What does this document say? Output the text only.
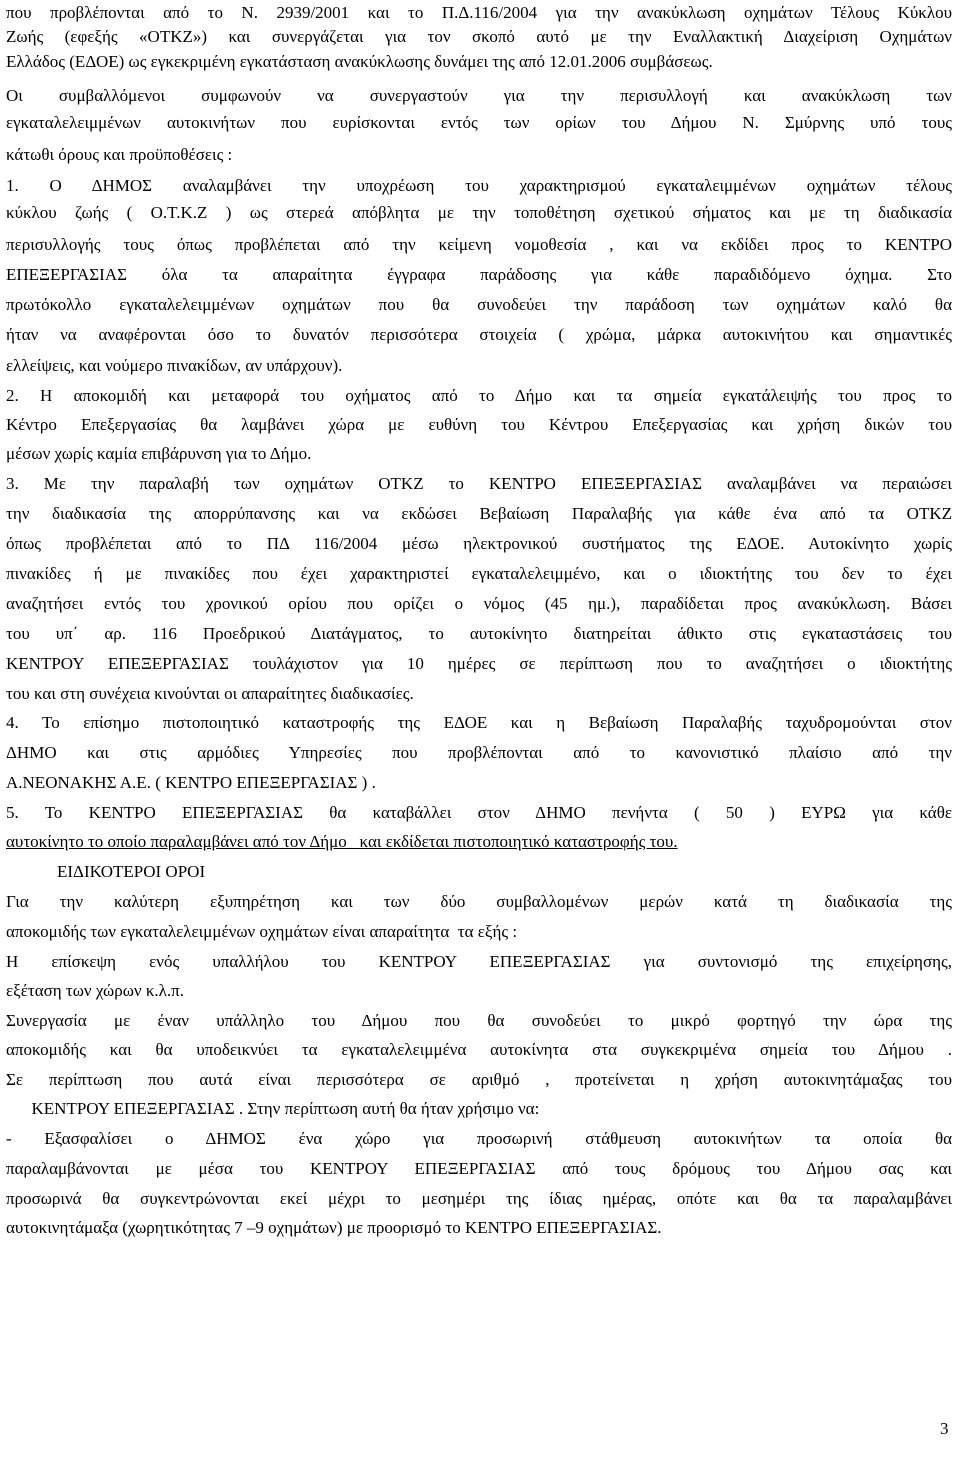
που προβλέπονται από το Ν. 2939/2001 και το Π.Δ.116/2004 για την ανακύκλωση οχημάτων Τέλους Κύκλου
Ζωής (εφεξής «ΟΤΚΖ») και συνεργάζεται για τον σκοπό αυτό με την Εναλλακτική Διαχείριση Οχημάτων
Ελλάδος (ΕΔΟΕ) ως εγκεκριμένη εγκατάσταση ανακύκλωσης δυνάμει της από 12.01.2006 συμβάσεως.
Οι συμβαλλόμενοι συμφωνούν να συνεργαστούν για την περισυλλογή και ανακύκλωση των
εγκαταλελειμμένων αυτοκινήτων που ευρίσκονται εντός των ορίων του Δήμου Ν. Σμύρνης υπό τους
κάτωθι όρους και προϋποθέσεις :
1. Ο ΔΗΜΟΣ αναλαμβάνει την υποχρέωση του χαρακτηρισμού εγκαταλειμμένων οχημάτων τέλους
κύκλου ζωής ( Ο.Τ.Κ.Ζ ) ως στερεά απόβλητα με την τοποθέτηση σχετικού σήματος και με τη διαδικασία
περισυλλογής τους όπως προβλέπεται από την κείμενη νομοθεσία , και να εκδίδει προς το ΚΕΝΤΡΟ
ΕΠΕΞΕΡΓΑΣΙΑΣ όλα τα απαραίτητα έγγραφα παράδοσης για κάθε παραδιδόμενο όχημα. Στο
πρωτόκολλο εγκαταλελειμμένων οχημάτων που θα συνοδεύει την παράδοση των οχημάτων καλό θα
ήταν να αναφέρονται όσο το δυνατόν περισσότερα στοιχεία ( χρώμα, μάρκα αυτοκινήτου και σημαντικές
ελλείψεις, και νούμερο πινακίδων, αν υπάρχουν).
2. Η αποκομιδή και μεταφορά του οχήματος από το Δήμο και τα σημεία εγκατάλειψής του προς το
Κέντρο Επεξεργασίας θα λαμβάνει χώρα με ευθύνη του Κέντρου Επεξεργασίας και χρήση δικών του
μέσων χωρίς καμία επιβάρυνση για το Δήμο.
3. Με την παραλαβή των οχημάτων ΟΤΚΖ το ΚΕΝΤΡΟ ΕΠΕΞΕΡΓΑΣΙΑΣ αναλαμβάνει να περαιώσει
την διαδικασία της απορρύπανσης και να εκδώσει Βεβαίωση Παραλαβής για κάθε ένα από τα ΟΤΚΖ
όπως προβλέπεται από το ΠΔ 116/2004 μέσω ηλεκτρονικού συστήματος της ΕΔΟΕ. Αυτοκίνητο χωρίς
πινακίδες ή με πινακίδες που έχει χαρακτηριστεί εγκαταλελειμμένο, και ο ιδιοκτήτης του δεν το έχει
αναζητήσει εντός του χρονικού ορίου που ορίζει ο νόμος (45 ημ.), παραδίδεται προς ανακύκλωση. Βάσει
του υπ΄ αρ. 116 Προεδρικού Διατάγματος, το αυτοκίνητο διατηρείται άθικτο στις εγκαταστάσεις του
ΚΕΝΤΡΟΥ ΕΠΕΞΕΡΓΑΣΙΑΣ τουλάχιστον για 10 ημέρες σε περίπτωση που το αναζητήσει ο ιδιοκτήτης
του και στη συνέχεια κινούνται οι απαραίτητες διαδικασίες.
4. Το επίσημο πιστοποιητικό καταστροφής της ΕΔΟΕ και η Βεβαίωση Παραλαβής ταχυδρομούνται στον
ΔΗΜΟ και στις αρμόδιες Υπηρεσίες που προβλέπονται από το κανονιστικό πλαίσιο από την
Α.ΝΕΟΝΑΚΗΣ Α.Ε. ( ΚΕΝΤΡΟ ΕΠΕΞΕΡΓΑΣΙΑΣ ) .
5. Το ΚΕΝΤΡΟ ΕΠΕΞΕΡΓΑΣΙΑΣ θα καταβάλλει στον ΔΗΜΟ πενήντα ( 50 ) ΕΥΡΩ για κάθε
αυτοκίνητο το οποίο παραλαμβάνει από τον Δήμο   και εκδίδεται πιστοποιητικό καταστροφής του.
ΕΙΔΙΚΟΤΕΡΟΙ ΟΡΟΙ
Για την καλύτερη εξυπηρέτηση και των δύο συμβαλλομένων μερών κατά τη διαδικασία της
αποκομιδής των εγκαταλελειμμένων οχημάτων είναι απαραίτητα  τα εξής :
Η επίσκεψη ενός υπαλλήλου του ΚΕΝΤΡΟΥ ΕΠΕΞΕΡΓΑΣΙΑΣ για συντονισμό της επιχείρησης,
εξέταση των χώρων κ.λ.π.
Συνεργασία με έναν υπάλληλο του Δήμου που θα συνοδεύει το μικρό φορτηγό την ώρα της
αποκομιδής και θα υποδεικνύει τα εγκαταλελειμμένα αυτοκίνητα στα συγκεκριμένα σημεία του Δήμου .
Σε περίπτωση που αυτά είναι περισσότερα σε αριθμό , προτείνεται η χρήση αυτοκινητάμαξας του
ΚΕΝΤΡΟΥ ΕΠΕΞΕΡΓΑΣΙΑΣ . Στην περίπτωση αυτή θα ήταν χρήσιμο να:
- Εξασφαλίσει ο ΔΗΜΟΣ ένα χώρο για προσωρινή στάθμευση αυτοκινήτων τα οποία θα
παραλαμβάνονται με μέσα του ΚΕΝΤΡΟΥ ΕΠΕΞΕΡΓΑΣΙΑΣ από τους δρόμους του Δήμου σας και
προσωρινά θα συγκεντρώνονται εκεί μέχρι το μεσημέρι της ίδιας ημέρας, οπότε και θα τα παραλαμβάνει
αυτοκινητάμαξα (χωρητικότητας 7 –9 οχημάτων) με προορισμό το ΚΕΝΤΡΟ ΕΠΕΞΕΡΓΑΣΙΑΣ.
3
